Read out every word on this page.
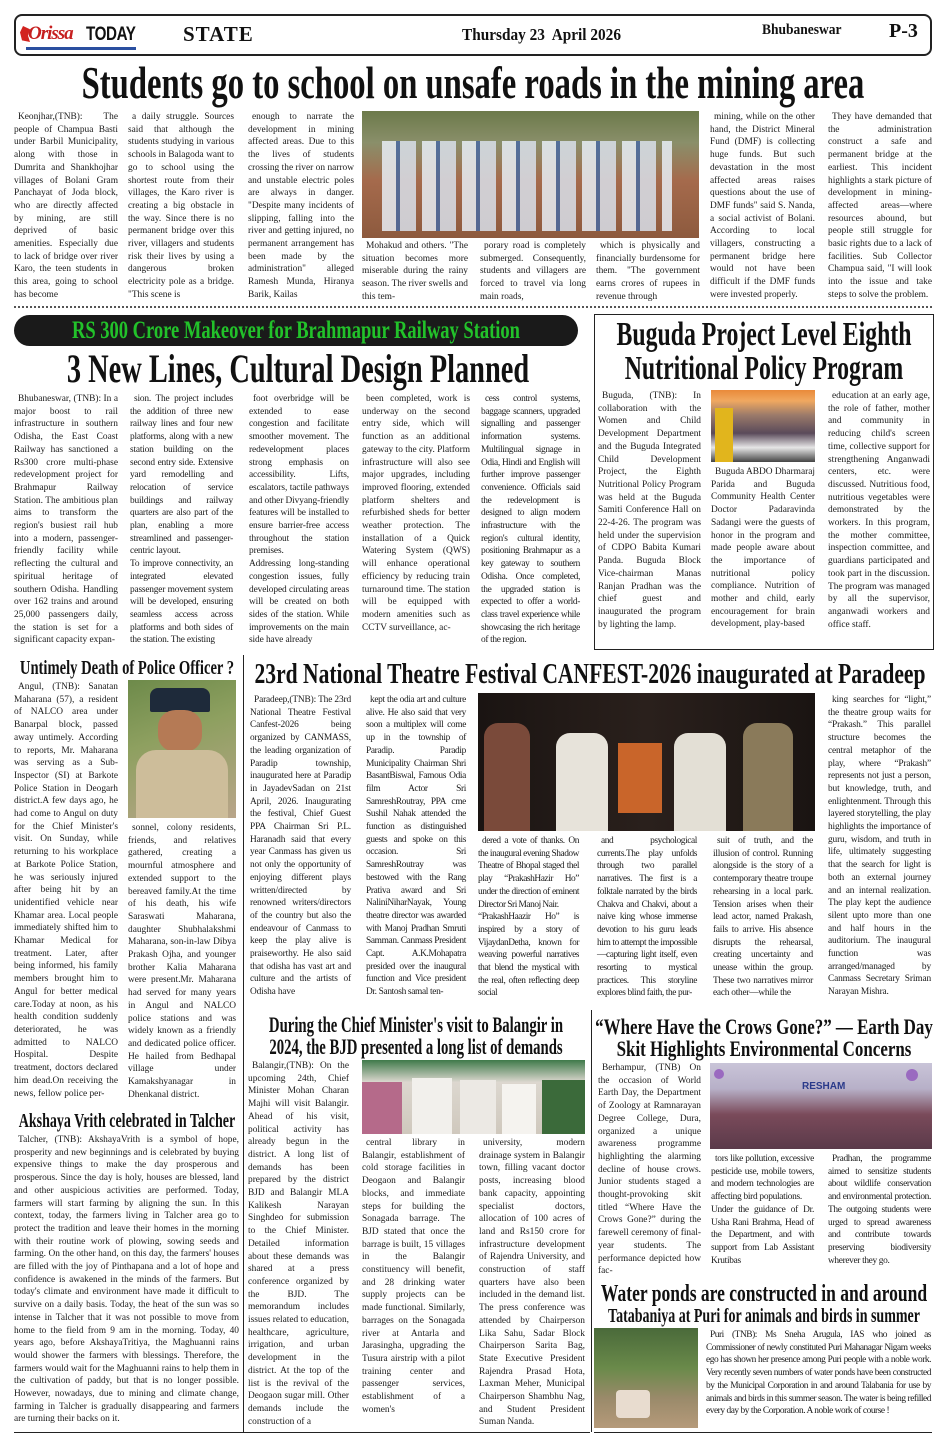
Orissa TODAY STATE	Thursday 23  April 2026	Bhubaneswar P-3
Students go to school on unsafe roads in the mining area
Keonjhar,(TNB): The people of Champua Basti under Barbil Municipality, along with those in Dumrita and Shankhojhar villages of Bolani Gram Panchayat of Joda block, who are directly affected by mining, are still deprived of basic amenities. Especially due to lack of bridge over river Karo, the teen students in this area, going to school has become
a daily struggle. Sources said that although the students studying in various schools in Balagoda want to go to school using the shortest route from their villages, the Karo river is creating a big obstacle in the way. Since there is no permanent bridge over this river, villagers and students risk their lives by using a dangerous broken electricity pole as a bridge. "This scene is
enough to narrate the development in mining affected areas. Due to this the lives of students crossing the river on narrow and unstable electric poles are always in danger. "Despite many incidents of slipping, falling into the river and getting injured, no permanent arrangement has been made by the administration" alleged Ramesh Munda, Hiranya Barik, Kailas
Mohakud and others. "The situation becomes more miserable during the rainy season. The river swells and this tem-
porary road is completely submerged. Consequently, students and villagers are forced to travel via long main roads,
which is physically and financially burdensome for them. "The government earns crores of rupees in revenue through
mining, while on the other hand, the District Mineral Fund (DMF) is collecting huge funds. But such devastation in the most affected areas raises questions about the use of DMF funds" said S. Nanda, a social activist of Bolani. According to local villagers, constructing a permanent bridge here would not have been difficult if the DMF funds were invested properly.
They have demanded that the administration construct a safe and permanent bridge at the earliest. This incident highlights a stark picture of development in mining-affected areas—where resources abound, but people still struggle for basic rights due to a lack of facilities. Sub Collector Champua said, "I will look into the issue and take steps to solve the problem.
RS 300 Crore Makeover for Brahmapur Railway Station
3 New Lines, Cultural Design Planned
Bhubaneswar, (TNB): In a major boost to rail infrastructure in southern Odisha, the East Coast Railway has sanctioned a Rs300 crore multi-phase redevelopment project for Brahmapur Railway Station. The ambitious plan aims to transform the region's busiest rail hub into a modern, passenger-friendly facility while reflecting the cultural and spiritual heritage of southern Odisha. Handling over 162 trains and around 25,000 passengers daily, the station is set for a significant capacity expan-
sion. The project includes the addition of three new railway lines and four new platforms, along with a new station building on the second entry side. Extensive yard remodelling and relocation of service buildings and railway quarters are also part of the plan, enabling a more streamlined and passenger-centric layout.
To improve connectivity, an integrated elevated passenger movement system will be developed, ensuring seamless access across platforms and both sides of the station. The existing
foot overbridge will be extended to ease congestion and facilitate smoother movement. The redevelopment places strong emphasis on accessibility. Lifts, escalators, tactile pathways and other Divyang-friendly features will be installed to ensure barrier-free access throughout the station premises.
Addressing long-standing congestion issues, fully developed circulating areas will be created on both sides of the station. While improvements on the main side have already
been completed, work is underway on the second entry side, which will function as an additional gateway to the city. Platform infrastructure will also see major upgrades, including improved flooring, extended platform shelters and refurbished sheds for better weather protection. The installation of a Quick Watering System (QWS) will enhance operational efficiency by reducing train turnaround time. The station will be equipped with modern amenities such as CCTV surveillance, ac-
cess control systems, baggage scanners, upgraded signalling and passenger information systems. Multilingual signage in Odia, Hindi and English will further improve passenger convenience. Officials said the redevelopment is designed to align modern infrastructure with the region's cultural identity, positioning Brahmapur as a key gateway to southern Odisha. Once completed, the upgraded station is expected to offer a world-class travel experience while showcasing the rich heritage of the region.
Buguda Project Level Eighth
Nutritional Policy Program
Buguda, (TNB): In collaboration with the Women and Child Development Department and the Buguda Integrated Child Development Project, the Eighth Nutritional Policy Program was held at the Buguda Samiti Conference Hall on 22-4-26. The program was held under the supervision of CDPO Babita Kumari Panda. Buguda Block Vice-chairman Manas Ranjan Pradhan was the chief guest and inaugurated the program by lighting the lamp.
Buguda ABDO Dharmaraj Parida and Buguda Community Health Center Doctor Padaravinda Sadangi were the guests of honor in the program and made people aware about the importance of nutritional policy compliance. Nutrition of mother and child, early encouragement for brain development, play-based
education at an early age, the role of father, mother and community in reducing child's screen time, collective support for strengthening Anganwadi centers, etc. were discussed. Nutritious food, nutritious vegetables were demonstrated by the workers. In this program, the mother committee, inspection committee, and guardians participated and took part in the discussion. The program was managed by all the supervisor, anganwadi workers and office staff.
Untimely Death of Police Officer ?
Angul, (TNB): Sanatan Maharana (57), a resident of NALCO area under Banarpal block, passed away untimely. According to reports, Mr. Maharana was serving as a Sub-Inspector (SI) at Barkote Police Station in Deogarh district.A few days ago, he had come to Angul on duty for the Chief Minister's visit. On Sunday, while returning to his workplace at Barkote Police Station, he was seriously injured after being hit by an unidentified vehicle near Khamar area. Local people immediately shifted him to Khamar Medical for treatment. Later, after being informed, his family members brought him to Angul for better medical care.Today at noon, as his health condition suddenly deteriorated, he was admitted to NALCO Hospital. Despite treatment, doctors declared him dead.On receiving the news, fellow police per-
sonnel, colony residents, friends, and relatives gathered, creating a mournful atmosphere and extended support to the bereaved family.At the time of his death, his wife Saraswati Maharana, daughter Shubhalakshmi Maharana, son-in-law Dibya Prakash Ojha, and younger brother Kalia Maharana were present.Mr. Maharana had served for many years in Angul and NALCO police stations and was widely known as a friendly and dedicated police officer. He hailed from Bedhapal village under Kamakshyanagar in Dhenkanal district.
Akshaya Vrith celebrated in Talcher
Talcher, (TNB): AkshayaVrith is a symbol of hope, prosperity and new beginnings and is celebrated by buying expensive things to make the day prosperous and prosperous. Since the day is holy, houses are blessed, land and other auspicious activities are performed. Today, farmers will start farming by aligning the sun. In this context, today, the farmers living in Talcher area go to protect the tradition and leave their homes in the morning with their routine work of plowing, sowing seeds and farming. On the other hand, on this day, the farmers' houses are filled with the joy of Pinthapana and a lot of hope and confidence is awakened in the minds of the farmers. But today's climate and environment have made it difficult to survive on a daily basis. Today, the heat of the sun was so intense in Talcher that it was not possible to move from home to the field from 9 am in the morning. Today, 40 years ago, before AkshayaTritiya, the Maghuanni rains would shower the farmers with blessings. Therefore, the farmers would wait for the Maghuanni rains to help them in the cultivation of paddy, but that is no longer possible. However, nowadays, due to mining and climate change, farming in Talcher is gradually disappearing and farmers are turning their backs on it.
23rd National Theatre Festival CANFEST-2026 inaugurated at Paradeep
Paradeep,(TNB): The 23rd National Theatre Festival Canfest-2026 being organized by CANMASS, the leading organization of Paradip township, inaugurated here at Paradip in JayadevSadan on 21st April, 2026. Inaugurating the festival, Chief Guest PPA Chairman Sri P.L. Haranadh said that every year Canmass has given us not only the opportunity of enjoying different plays written/directed by renowned writers/directors of the country but also the endeavour of Canmass to keep the play alive is praiseworthy. He also said that odisha has vast art and culture and the artists of Odisha have
kept the odia art and culture alive. He also said that very soon a multiplex will come up in the township of Paradip. Paradip Municipality Chairman Shri BasantBiswal, Famous Odia film Actor Sri SamreshRoutray, PPA cme Sushil Nahak attended the function as distinguished guests and spoke on this occasion. Sri SamreshRoutray was bestowed with the Rang Prativa award and Sri NaliniNiharNayak, Young theatre director was awarded with Manoj Pradhan Smruti Samman. Canmass President Capt. A.K.Mohapatra presided over the inaugural function and Vice president Dr. Santosh samal ten-
dered a vote of thanks. On the inaugural evening Shadow Theatre of Bhopal staged thel play “PrakashHazir Ho” under the direction of eminent Director Sri Manoj Nair.
“PrakashHaazir Ho” is inspired by a story of VijaydanDetha, known for weaving powerful narratives that blend the mystical with the real, often reflecting deep social
and psychological currents.The play unfolds through two parallel narratives. The first is a folktale narrated by the birds Chakva and Chakvi, about a naive king whose immense devotion to his guru leads him to attempt the impossible—capturing light itself, even resorting to mystical practices. This storyline explores blind faith, the pur-
suit of truth, and the illusion of control. Running alongside is the story of a contemporary theatre troupe rehearsing in a local park. Tension arises when their lead actor, named Prakash, fails to arrive. His absence disrupts the rehearsal, creating uncertainty and unease within the group. These two narratives mirror each other—while the
king searches for “light,” the theatre group waits for “Prakash.” This parallel structure becomes the central metaphor of the play, where “Prakash” represents not just a person, but knowledge, truth, and enlightenment. Through this layered storytelling, the play highlights the importance of guru, wisdom, and truth in life, ultimately suggesting that the search for light is both an external journey and an internal realization. The play kept the audience silent upto more than one and half hours in the auditorium. The inaugural function was arranged/managed by Canmass Secretary Sriman Narayan Mishra.
During the Chief Minister's visit to Balangir in
2024, the BJD presented a long list of demands
Balangir,(TNB): On the upcoming 24th, Chief Minister Mohan Charan Majhi will visit Balangir. Ahead of his visit, political activity has already begun in the district. A long list of demands has been prepared by the district BJD and Balangir MLA Kalikesh Narayan Singhdeo for submission to the Chief Minister. Detailed information about these demands was shared at a press conference organized by the BJD. The memorandum includes issues related to education, healthcare, agriculture, irrigation, and urban development in the district. At the top of the list is the revival of the Deogaon sugar mill. Other demands include the construction of a
central library in Balangir, establishment of cold storage facilities in Deogaon and Balangir blocks, and immediate steps for building the Sonagada barrage. The BJD stated that once the barrage is built, 15 villages in the Balangir constituency will benefit, and 28 drinking water supply projects can be made functional. Similarly, barrages on the Sonagada river at Antarla and Jarasingha, upgrading the Tusura airstrip with a pilot training center and passenger services, establishment of a women's
university, modern drainage system in Balangir town, filling vacant doctor posts, increasing blood bank capacity, appointing specialist doctors, allocation of 100 acres of land and Rs150 crore for infrastructure development of Rajendra University, and construction of staff quarters have also been included in the demand list. The press conference was attended by Chairperson Lika Sahu, Sadar Block Chairperson Sarita Bag, State Executive President Rajendra Prasad Hota, Laxman Meher, Municipal Chairperson Shambhu Nag, and Student President Suman Nanda.
“Where Have the Crows Gone?” — Earth Day
Skit Highlights Environmental Concerns
Berhampur, (TNB) On the occasion of World Earth Day, the Department of Zoology at Ramnarayan Degree College, Dura, organized a unique awareness programme highlighting the alarming decline of house crows. Junior students staged a thought-provoking skit titled “Where Have the Crows Gone?” during the farewell ceremony of final-year students. The performance depicted how fac-
RESHAM
tors like pollution, excessive pesticide use, mobile towers, and modern technologies are affecting bird populations.
Under the guidance of Dr. Usha Rani Brahma, Head of the Department, and with support from Lab Assistant Krutibas
Pradhan, the programme aimed to sensitize students about wildlife conservation and environmental protection. The outgoing students were urged to spread awareness and contribute towards preserving biodiversity wherever they go.
Water ponds are constructed in and around
Tatabaniya at Puri for animals and birds in summer
Puri (TNB): Ms Sneha Arugula, IAS who joined as Commissioner of newly constituted Puri Mahanagar Nigam weeks ego has shown her presence among Puri people with a noble work. Very recently seven numbers of water ponds have been constructed by the Municipal Corporation in and around Talabania for use by animals and birds in this summer season. The water is being refilled every day by the Corporation. A noble work of course !
